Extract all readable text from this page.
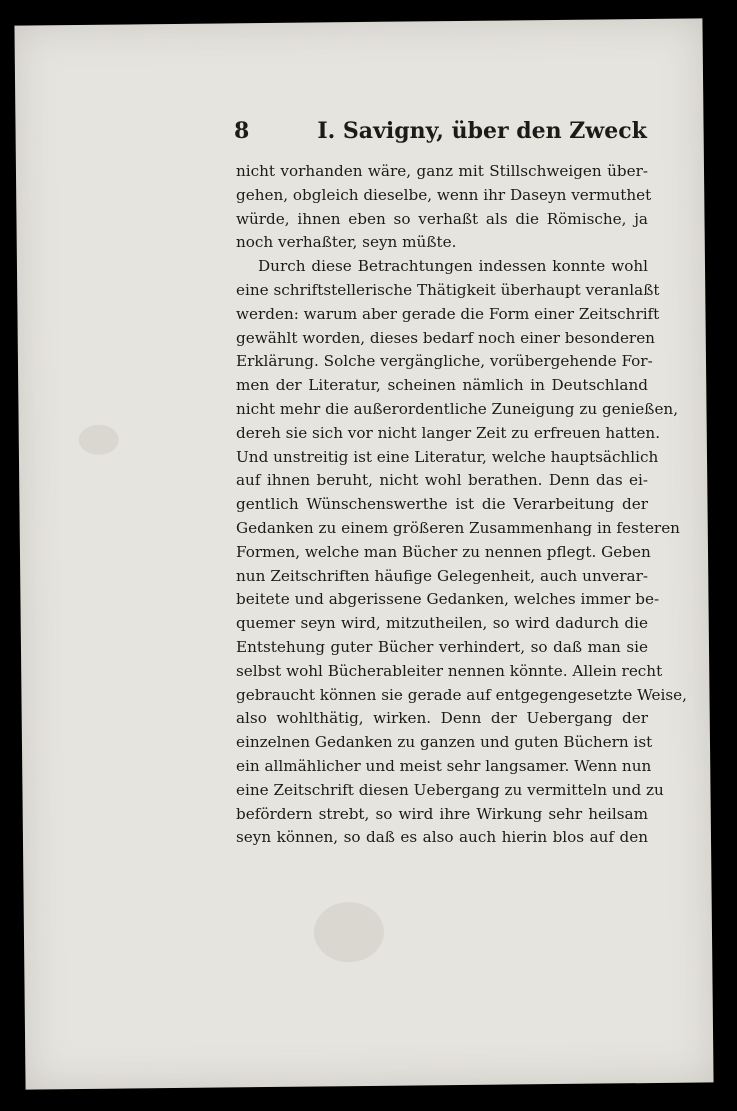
8	I. Savigny, über den Zweck
nicht vorhanden wäre, ganz mit Stillschweigen über-
gehen, obgleich dieselbe, wenn ihr Daseyn vermuthet
würde, ihnen eben so verhaßt als die Römische, ja
noch verhaßter, seyn müßte.
Durch diese Betrachtungen indessen konnte wohl
eine schriftstellerische Thätigkeit überhaupt veranlaßt
werden: warum aber gerade die Form einer Zeitschrift
gewählt worden, dieses bedarf noch einer besonderen
Erklärung. Solche vergängliche, vorübergehende For-
men der Literatur, scheinen nämlich in Deutschland
nicht mehr die außerordentliche Zuneigung zu genießen,
dereh sie sich vor nicht langer Zeit zu erfreuen hatten.
Und unstreitig ist eine Literatur, welche hauptsächlich
auf ihnen beruht, nicht wohl berathen. Denn das ei-
gentlich Wünschenswerthe ist die Verarbeitung der
Gedanken zu einem größeren Zusammenhang in festeren
Formen, welche man Bücher zu nennen pflegt. Geben
nun Zeitschriften häufige Gelegenheit, auch unverar-
beitete und abgerissene Gedanken, welches immer be-
quemer seyn wird, mitzutheilen, so wird dadurch die
Entstehung guter Bücher verhindert, so daß man sie
selbst wohl Bücherableiter nennen könnte. Allein recht
gebraucht können sie gerade auf entgegengesetzte Weise,
also wohlthätig, wirken. Denn der Uebergang der
einzelnen Gedanken zu ganzen und guten Büchern ist
ein allmählicher und meist sehr langsamer. Wenn nun
eine Zeitschrift diesen Uebergang zu vermitteln und zu
befördern strebt, so wird ihre Wirkung sehr heilsam
seyn können, so daß es also auch hierin blos auf den
